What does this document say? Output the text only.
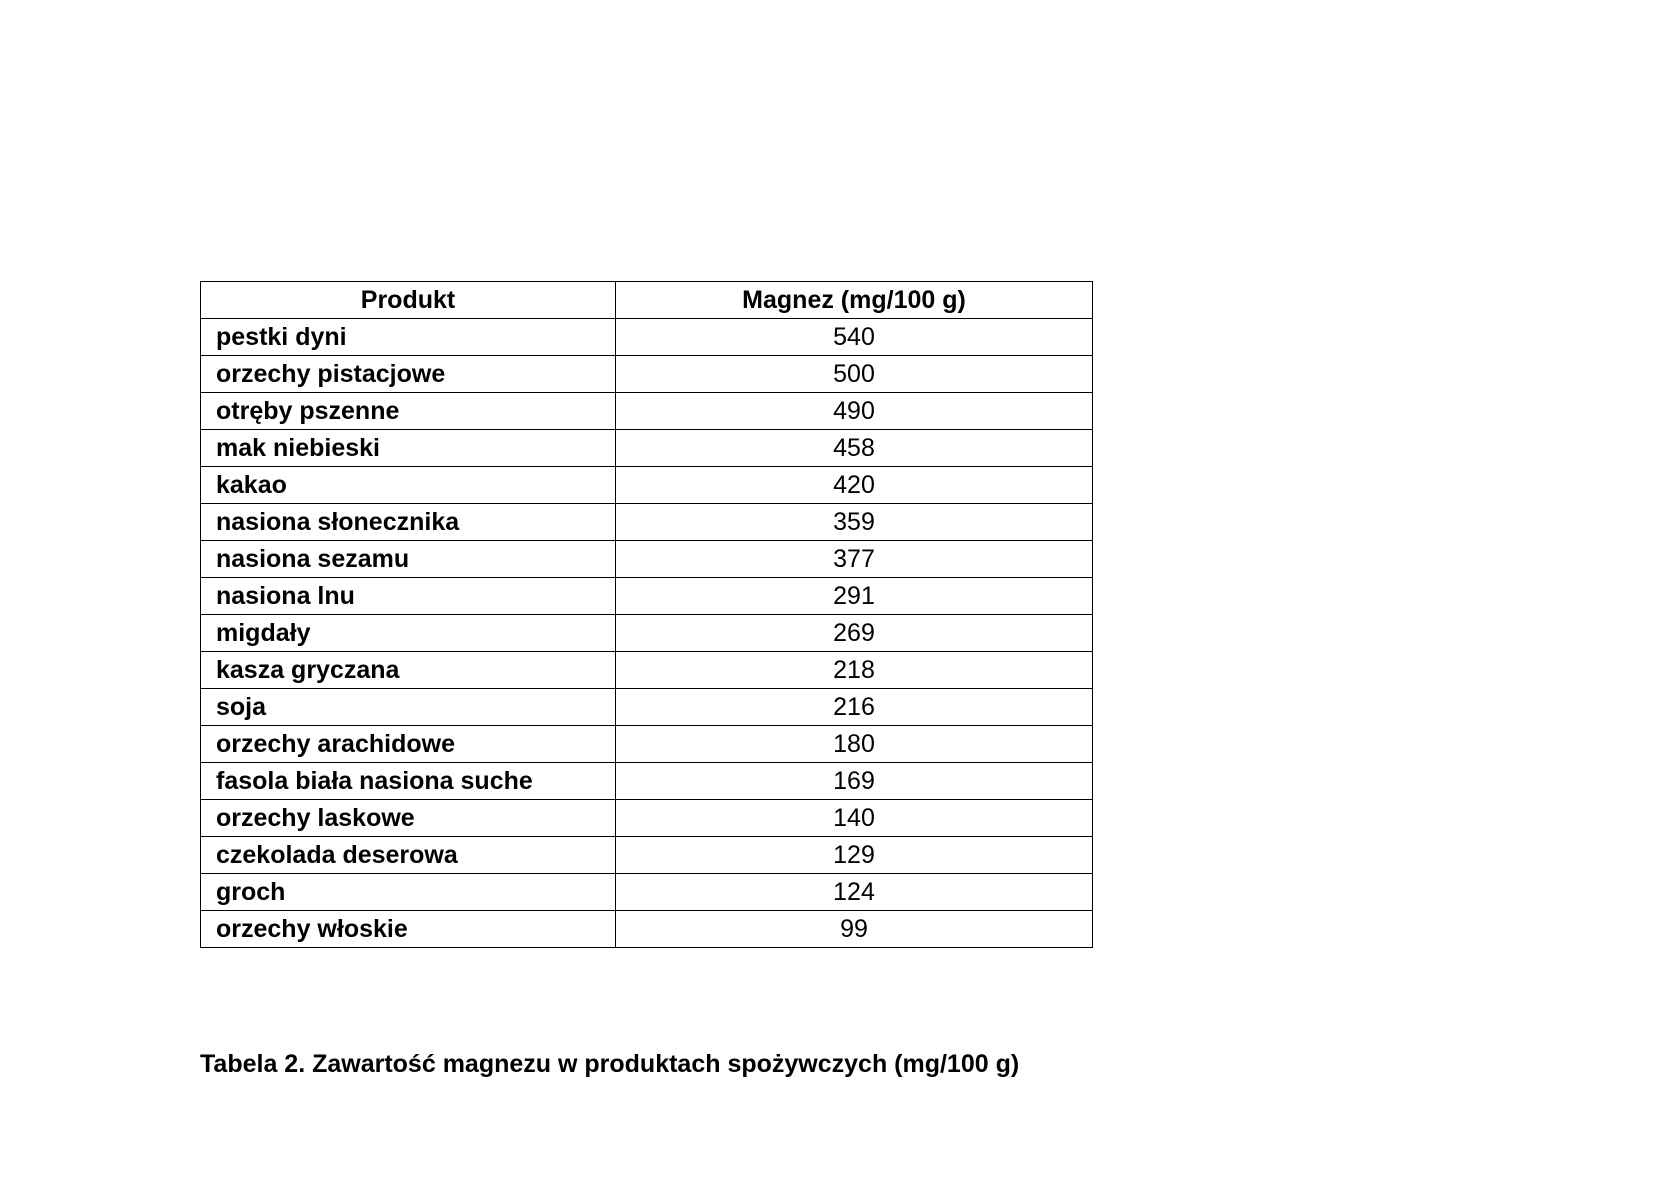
Produkt	Magnez (mg/100 g)
pestki dyni	540
orzechy pistacjowe	500
otręby pszenne	490
mak niebieski	458
kakao	420
nasiona słonecznika	359
nasiona sezamu	377
nasiona lnu	291
migdały	269
kasza gryczana	218
soja	216
orzechy arachidowe	180
fasola biała nasiona suche	169
orzechy laskowe	140
czekolada deserowa	129
groch	124
orzechy włoskie	99
Tabela 2. Zawartość magnezu w produktach spożywczych (mg/100 g)
